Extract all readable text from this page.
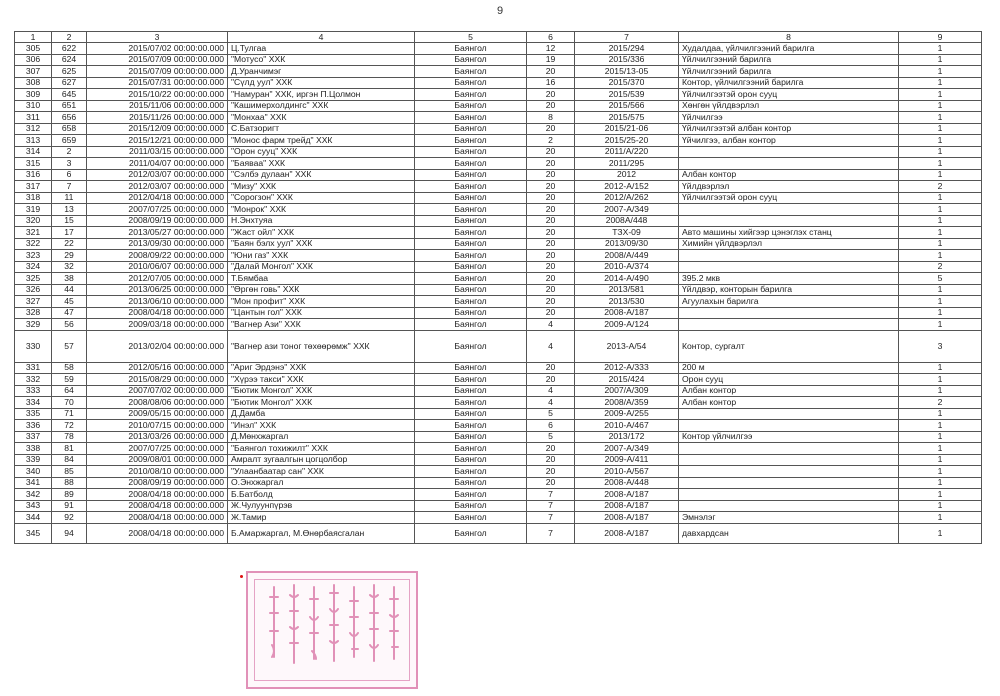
9
1	2	3	4	5	6	7	8	9
305	622	2015/07/02 00:00:00.000	Ц.Тулгаа	Баянгол	12	2015/294	Худалдаа, үйлчилгээний барилга	1
306	624	2015/07/09 00:00:00.000	"Мотусо" ХХК	Баянгол	19	2015/336	Үйлчилгээний барилга	1
307	625	2015/07/09 00:00:00.000	Д.Уранчимэг	Баянгол	20	2015/13-05	Үйлчилгээний барилга	1
308	627	2015/07/31 00:00:00.000	"Сүлд уул" ХХК	Баянгол	16	2015/370	Контор, үйлчилгээний барилга	1
309	645	2015/10/22 00:00:00.000	"Намуран" ХХК, иргэн П.Цолмон	Баянгол	20	2015/539	Үйлчилгээтэй орон сууц	1
310	651	2015/11/06 00:00:00.000	"Кашимерхолдингс" ХХК	Баянгол	20	2015/566	Хөнгөн үйлдвэрлэл	1
311	656	2015/11/26 00:00:00.000	"Монхаа" ХХК	Баянгол	8	2015/575	Үйлчилгээ	1
312	658	2015/12/09 00:00:00.000	С.Батзоригт	Баянгол	20	2015/21-06	Үйлчилгээтэй албан контор	1
313	659	2015/12/21 00:00:00.000	"Монос фарм трейд" ХХК	Баянгол	2	2015/25-20	Үйчилгээ, албан контор	1
314	2	2011/03/15 00:00:00.000	"Орон сууц" ХХК	Баянгол	20	2011/А/220		1
315	3	2011/04/07 00:00:00.000	"Баяваа" ХХК	Баянгол	20	2011/295		1
316	6	2012/03/07 00:00:00.000	"Сэлбэ дулаан" ХХК	Баянгол	20	2012	Албан контор	1
317	7	2012/03/07 00:00:00.000	"Мизу" ХХК	Баянгол	20	2012-А/152	Үйлдвэрлэл	2
318	11	2012/04/18 00:00:00.000	"Сорогзон" ХХК	Баянгол	20	2012/А/262	Үйлчилгээтэй орон сууц	1
319	13	2007/07/25 00:00:00.000	"Монрок" ХХК	Баянгол	20	2007-А/349		1
320	15	2008/09/19 00:00:00.000	Н.Энхтуяа	Баянгол	20	2008А/448		1
321	17	2013/05/27 00:00:00.000	"Жаст ойл" ХХК	Баянгол	20	ТЗХ-09	Авто машины хийгээр цэнэглэх станц	1
322	22	2013/09/30 00:00:00.000	"Баян бэлх уул" ХХК	Баянгол	20	2013/09/30	Химийн үйлдвэрлэл	1
323	29	2008/09/22 00:00:00.000	"Юни газ" ХХК	Баянгол	20	2008/А/449		1
324	32	2010/06/07 00:00:00.000	"Далай Монгол" ХХК	Баянгол	20	2010-А/374		2
325	38	2012/07/05 00:00:00.000	Т.Бямбаа	Баянгол	20	2014-А/490	395.2 мкв	5
326	44	2013/06/25 00:00:00.000	"Өргөн говь" ХХК	Баянгол	20	2013/581	Үйлдвэр, конторын барилга	1
327	45	2013/06/10 00:00:00.000	"Мон профит" ХХК	Баянгол	20	2013/530	Агуулахын барилга	1
328	47	2008/04/18 00:00:00.000	"Цантын гол" ХХК	Баянгол	20	2008-А/187		1
329	56	2009/03/18 00:00:00.000	"Вагнер Ази" ХХК	Баянгол	4	2009-А/124		1
330	57	2013/02/04 00:00:00.000	"Вагнер ази тоног төхөөрөмж" ХХК	Баянгол	4	2013-А/54	Контор, сургалт	3
331	58	2012/05/16 00:00:00.000	"Ариг Эрдэнэ" ХХК	Баянгол	20	2012-А/333	200 м	1
332	59	2015/08/29 00:00:00.000	"Хүрээ такси" ХХК	Баянгол	20	2015/424	Орон сууц	1
333	64	2007/07/02 00:00:00.000	"Бютик Монгол" ХХК	Баянгол	4	2007/А/309	Албан контор	1
334	70	2008/08/06 00:00:00.000	"Бютик Монгол" ХХК	Баянгол	4	2008/А/359	Албан контор	2
335	71	2009/05/15 00:00:00.000	Д.Дамба	Баянгол	5	2009-А/255		1
336	72	2010/07/15 00:00:00.000	"Инэл" ХХК	Баянгол	6	2010-А/467		1
337	78	2013/03/26 00:00:00.000	Д.Мөнхжаргал	Баянгол	5	2013/172	Контор үйлчилгээ	1
338	81	2007/07/25 00:00:00.000	"Баянгол тохижилт" ХХК	Баянгол	20	2007-А/349		1
339	84	2009/08/01 00:00:00.000	Амралт зугаалгын цогцолбор	Баянгол	20	2009-А/411		1
340	85	2010/08/10 00:00:00.000	"Улаанбаатар сан" ХХК	Баянгол	20	2010-А/567		1
341	88	2008/09/19 00:00:00.000	О.Энхжаргал	Баянгол	20	2008-А/448		1
342	89	2008/04/18 00:00:00.000	Б.Батболд	Баянгол	7	2008-А/187		1
343	91	2008/04/18 00:00:00.000	Ж.Чулуунпүрэв	Баянгол	7	2008-А/187		1
344	92	2008/04/18 00:00:00.000	Ж.Тамир	Баянгол	7	2008-А/187	Эмнэлэг	1
345	94	2008/04/18 00:00:00.000	Б.Амаржаргал, М.Өнөрбаясгалан	Баянгол	7	2008-А/187	давхардсан	1
